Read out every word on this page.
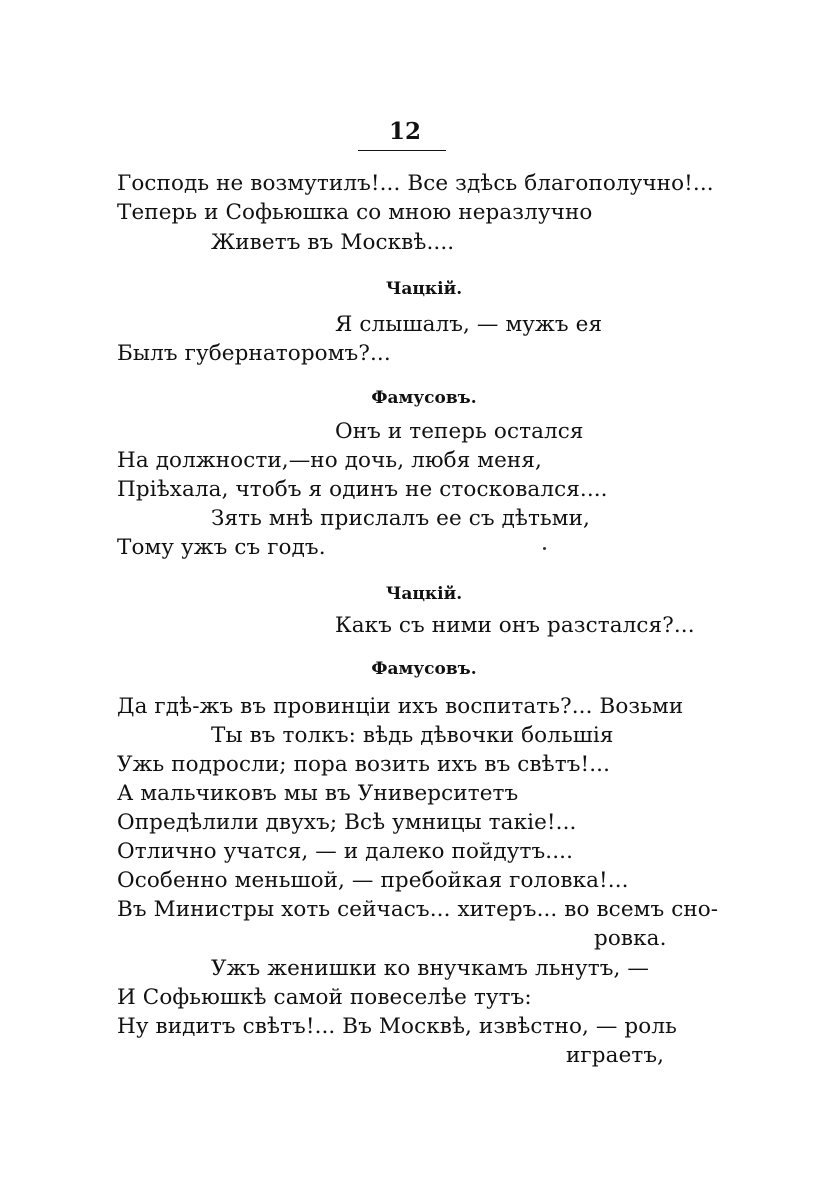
12
Господь не возмутилъ!... Все здѣсь благополучно!...
Теперь и Софьюшка со мною неразлучно
Живетъ въ Москвѣ....
Чацкій.
Я слышалъ, — мужъ ея
Былъ губернаторомъ?...
Фамусовъ.
Онъ и теперь остался
На должности,—но дочь, любя меня,
Пріѣхала, чтобъ я одинъ не стосковался....
Зять мнѣ прислалъ ее съ дѣтьми,
Тому ужъ съ годъ.
Чацкій.
Какъ съ ними онъ разстался?...
Фамусовъ.
Да гдѣ-жъ въ провинціи ихъ воспитать?... Возьми
Ты въ толкъ: вѣдь дѣвочки большія
Ужь подросли; пора возить ихъ въ свѣтъ!...
А мальчиковъ мы въ Университетъ
Опредѣлили двухъ; Всѣ умницы такіе!...
Отлично учатся, — и далеко пойдутъ....
Особенно меньшой, — пребойкая головка!...
Въ Министры хоть сейчасъ... хитеръ... во всемъ сно-
ровка.
Ужъ женишки ко внучкамъ льнутъ, —
И Софьюшкѣ самой повеселѣе тутъ:
Ну видитъ свѣтъ!... Въ Москвѣ, извѣстно, — роль
играетъ,
